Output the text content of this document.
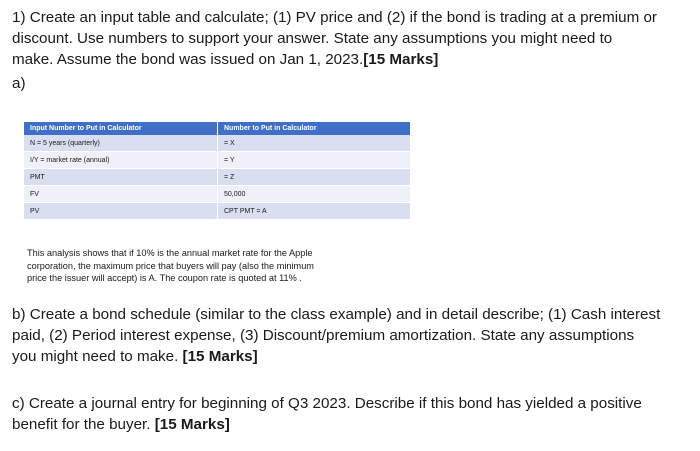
1) Create an input table and calculate; (1) PV price and (2) if the bond is trading at a premium or
discount. Use numbers to support your answer. State any assumptions you might need to
make. Assume the bond was issued on Jan 1, 2023.[15 Marks]
a)
Input Number to Put in Calculator	Number to Put in Calculator
N = 5 years (quarterly)	= X
I/Y = market rate (annual)	= Y
PMT	= Z
FV	50,000
PV	CPT PMT = A
This analysis shows that if 10% is the annual market rate for the Apple
corporation, the maximum price that buyers will pay (also the minimum
price the issuer will accept) is A. The coupon rate is quoted at 11% .
b) Create a bond schedule (similar to the class example) and in detail describe; (1) Cash interest
paid, (2) Period interest expense, (3) Discount/premium amortization. State any assumptions
you might need to make. [15 Marks]
c) Create a journal entry for beginning of Q3 2023. Describe if this bond has yielded a positive
benefit for the buyer. [15 Marks]
